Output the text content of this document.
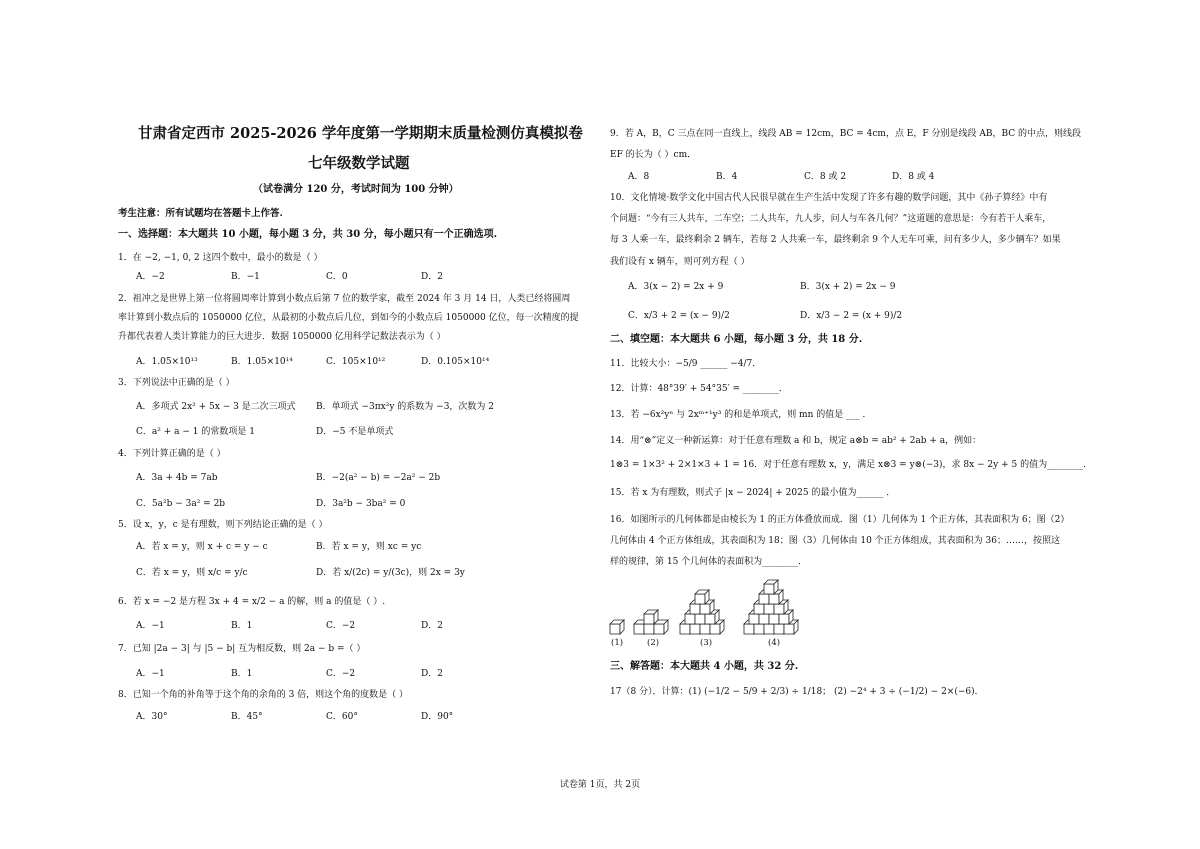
甘肃省定西市 2025-2026 学年度第一学期期末质量检测仿真模拟卷
七年级数学试题
（试卷满分 120 分，考试时间为 100 分钟）
考生注意：所有试题均在答题卡上作答.
一、选择题：本大题共 10 小题，每小题 3 分，共 30 分，每小题只有一个正确选项.
1．在 −2, −1, 0, 2 这四个数中，最小的数是（ ）
A．−2	B．−1	C．0	D．2
2．祖冲之是世界上第一位将圆周率计算到小数点后第 7 位的数学家，截至 2024 年 3 月 14 日，人类已经将圆周
率计算到小数点后的 1050000 亿位，从最初的小数点后几位，到如今的小数点后 1050000 亿位，每一次精度的提
升都代表着人类计算能力的巨大进步．数据 1050000 亿用科学记数法表示为（ ）
A．1.05×10¹³	B．1.05×10¹⁴	C．105×10¹²	D．0.105×10¹⁴
3．下列说法中正确的是（ ）
A．多项式 2x² + 5x − 3 是二次三项式	B．单项式 −3πx²y 的系数为 −3，次数为 2
C．a² + a − 1 的常数项是 1	D．−5 不是单项式
4．下列计算正确的是（ ）
A．3a + 4b = 7ab	B．−2(a² − b) = −2a² − 2b
C．5a²b − 3a² = 2b	D．3a²b − 3ba² = 0
5．设 x，y，c 是有理数，则下列结论正确的是（ ）
A．若 x = y，则 x + c = y − c	B．若 x = y，则 xc = yc
C．若 x = y，则 x/c = y/c	D．若 x/(2c) = y/(3c)，则 2x = 3y
6．若 x = −2 是方程 3x + 4 = x/2 − a 的解，则 a 的值是（ ）.
A．−1	B．1	C．−2	D．2
7．已知 |2a − 3| 与 |5 − b| 互为相反数，则 2a − b =（ ）
A．−1	B．1	C．−2	D．2
8．已知一个角的补角等于这个角的余角的 3 倍，则这个角的度数是（ ）
A．30°	B．45°	C．60°	D．90°
9．若 A，B，C 三点在同一直线上，线段 AB = 12cm，BC = 4cm，点 E，F 分别是线段 AB，BC 的中点，则线段
EF 的长为（ ）cm．
A．8	B．4	C．8 或 2	D．8 或 4
10．文化情境·数学文化中国古代人民很早就在生产生活中发现了许多有趣的数学问题，其中《孙子算经》中有
个问题：“今有三人共车，二车空；二人共车，九人步，问人与车各几何？”这道题的意思是：今有若干人乘车，
每 3 人乘一车，最终剩余 2 辆车，若每 2 人共乘一车，最终剩余 9 个人无车可乘，问有多少人，多少辆车？如果
我们设有 x 辆车，则可列方程（ ）
A．3(x − 2) = 2x + 9	B．3(x + 2) = 2x − 9
C．x/3 + 2 = (x − 9)/2	D．x/3 − 2 = (x + 9)/2
二、填空题：本大题共 6 小题，每小题 3 分，共 18 分.
11．比较大小：−5/9 ______ −4/7．
12．计算：48°39′ + 54°35′ = ________．
13．若 −6x²yⁿ 与 2xᵐ⁺¹y³ 的和是单项式，则 mn 的值是 ___ ．
14．用“⊗”定义一种新运算：对于任意有理数 a 和 b，规定 a⊗b = ab² + 2ab + a，例如：
1⊗3 = 1×3² + 2×1×3 + 1 = 16．对于任意有理数 x，y，满足 x⊗3 = y⊗(−3)，求 8x − 2y + 5 的值为________．
15．若 x 为有理数，则式子 |x − 2024| + 2025 的最小值为______ ．
16．如图所示的几何体都是由棱长为 1 的正方体叠放而成．图（1）几何体为 1 个正方体，其表面积为 6；图（2）
几何体由 4 个正方体组成，其表面积为 18；图（3）几何体由 10 个正方体组成，其表面积为 36；……，按照这
样的规律，第 15 个几何体的表面积为________．
三、解答题：本大题共 4 小题，共 32 分.
17（8 分）．计算：(1) (−1/2 − 5/9 + 2/3) ÷ 1/18； (2) −2⁴ + 3 ÷ (−1/2) − 2×(−6)．
(1)	(2)	(3)	(4)
试卷第 1页，共 2页
